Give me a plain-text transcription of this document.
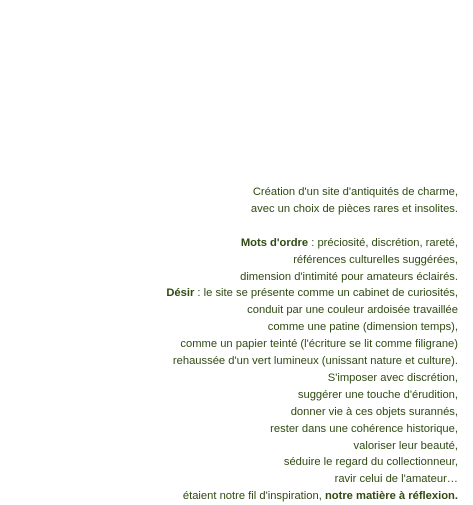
Création d'un site d'antiquités de charme,
avec un choix de pièces rares et insolites.
Mots d'ordre : préciosité, discrétion, rareté,
références culturelles suggérées,
dimension d'intimité pour amateurs éclairés.
Désir : le site se présente comme un cabinet de curiosités,
conduit par une couleur ardoisée travaillée
comme une patine (dimension temps),
comme un papier teinté (l'écriture se lit comme filigrane)
rehaussée d'un vert lumineux (unissant nature et culture).
S'imposer avec discrétion,
suggérer une touche d'érudition,
donner vie à ces objets surannés,
rester dans une cohérence historique,
valoriser leur beauté,
séduire le regard du collectionneur,
ravir celui de l'amateur…
étaient notre fil d'inspiration, notre matière à réflexion.
